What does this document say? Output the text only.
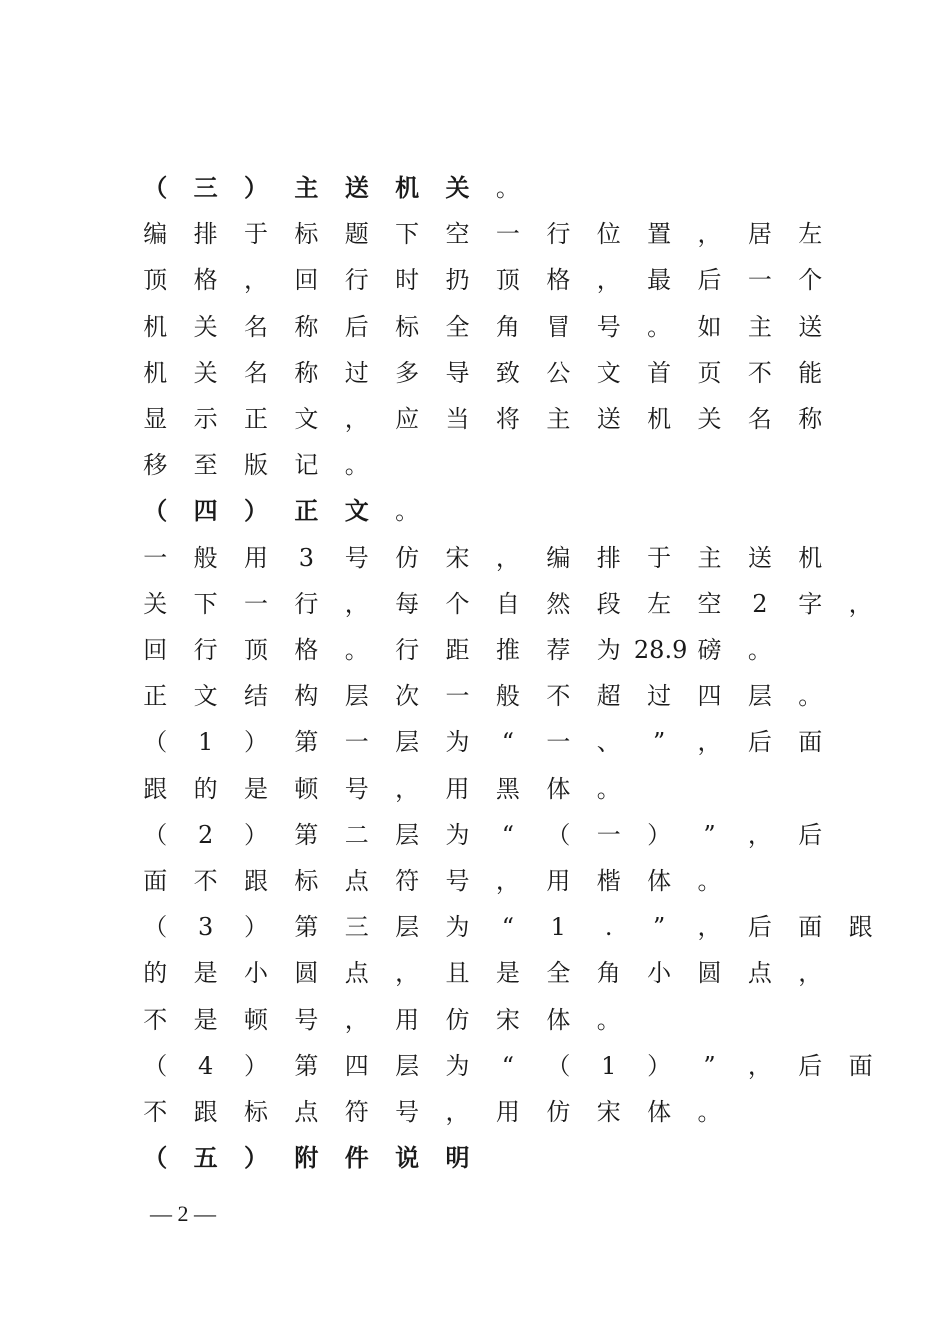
（	三	）	主	送	机	关	。
编	排	于	标	题	下	空	一	行	位	置	，	居	左
顶	格	，	回	行	时	扔	顶	格	，	最	后	一	个
机	关	名	称	后	标	全	角	冒	号	。	如	主	送
机	关	名	称	过	多	导	致	公	文	首	页	不	能
显	示	正	文	，	应	当	将	主	送	机	关	名	称
移	至	版	记	。
（	四	）	正	文	。
一	般	用	3	号	仿	宋	，	编	排	于	主	送	机
关	下	一	行	，	每	个	自	然	段	左	空	2	字	，
回	行	顶	格	。	行	距	推	荐	为 28.9 磅	。
正	文	结	构	层	次	一	般	不	超	过	四	层	。
（	1	）	第	一	层	为	“	一	、	”	，	后	面
跟	的	是	顿	号	，	用	黑	体	。
（	2	）	第	二	层	为	“	（	一	）	”	，	后
面	不	跟	标	点	符	号	，	用	楷	体	。
（	3	）	第	三	层	为	“	1	.	”	，	后	面	跟
的	是	小	圆	点	，	且	是	全	角	小	圆	点	，
不	是	顿	号	，	用	仿	宋	体	。
（	4	）	第	四	层	为	“	（	1	）	”	，	后	面
不	跟	标	点	符	号	，	用	仿	宋	体	。
（	五	）	附	件	说	明
— 2 —
